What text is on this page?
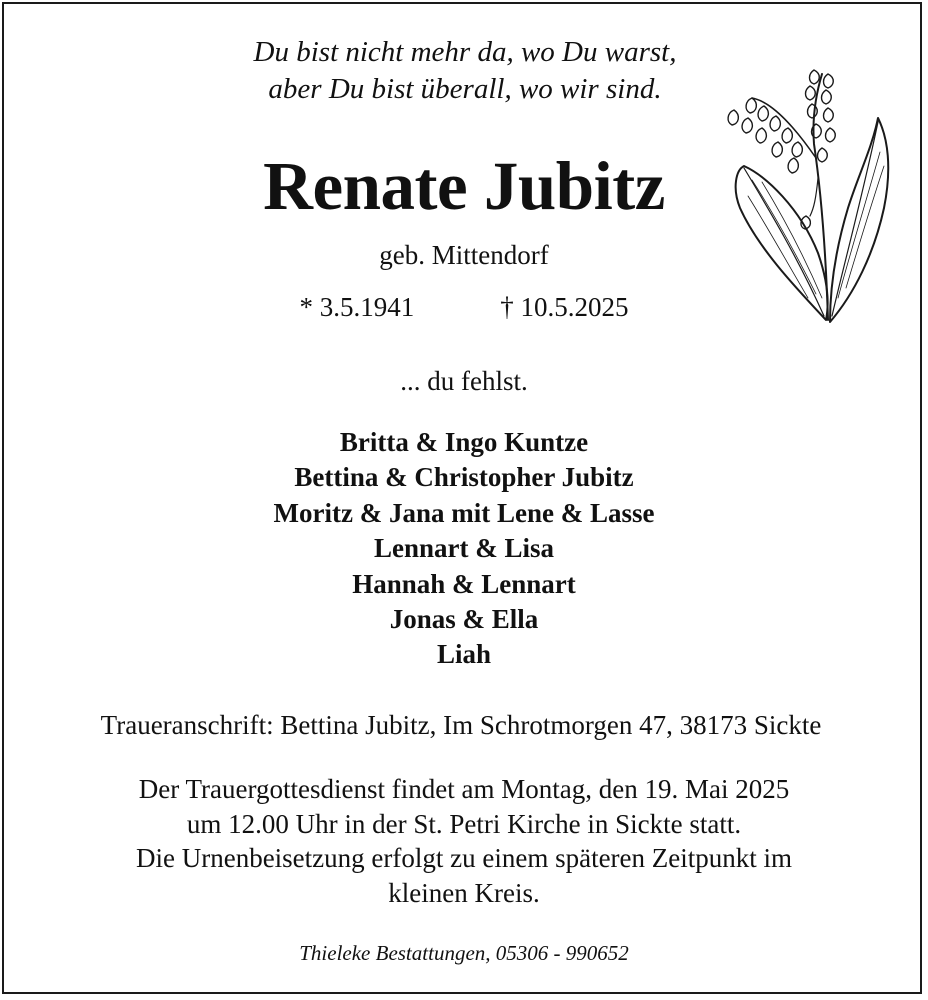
Du bist nicht mehr da, wo Du warst,
aber Du bist überall, wo wir sind.
Renate Jubitz
geb. Mittendorf
* 3.5.1941	† 10.5.2025
... du fehlst.
Britta & Ingo Kuntze
Bettina & Christopher Jubitz
Moritz & Jana mit Lene & Lasse
Lennart & Lisa
Hannah & Lennart
Jonas & Ella
Liah
Traueranschrift: Bettina Jubitz, Im Schrotmorgen 47, 38173 Sickte
Der Trauergottesdienst findet am Montag, den 19. Mai 2025
um 12.00 Uhr in der St. Petri Kirche in Sickte statt.
Die Urnenbeisetzung erfolgt zu einem späteren Zeitpunkt im
kleinen Kreis.
Thieleke Bestattungen, 05306 - 990652
